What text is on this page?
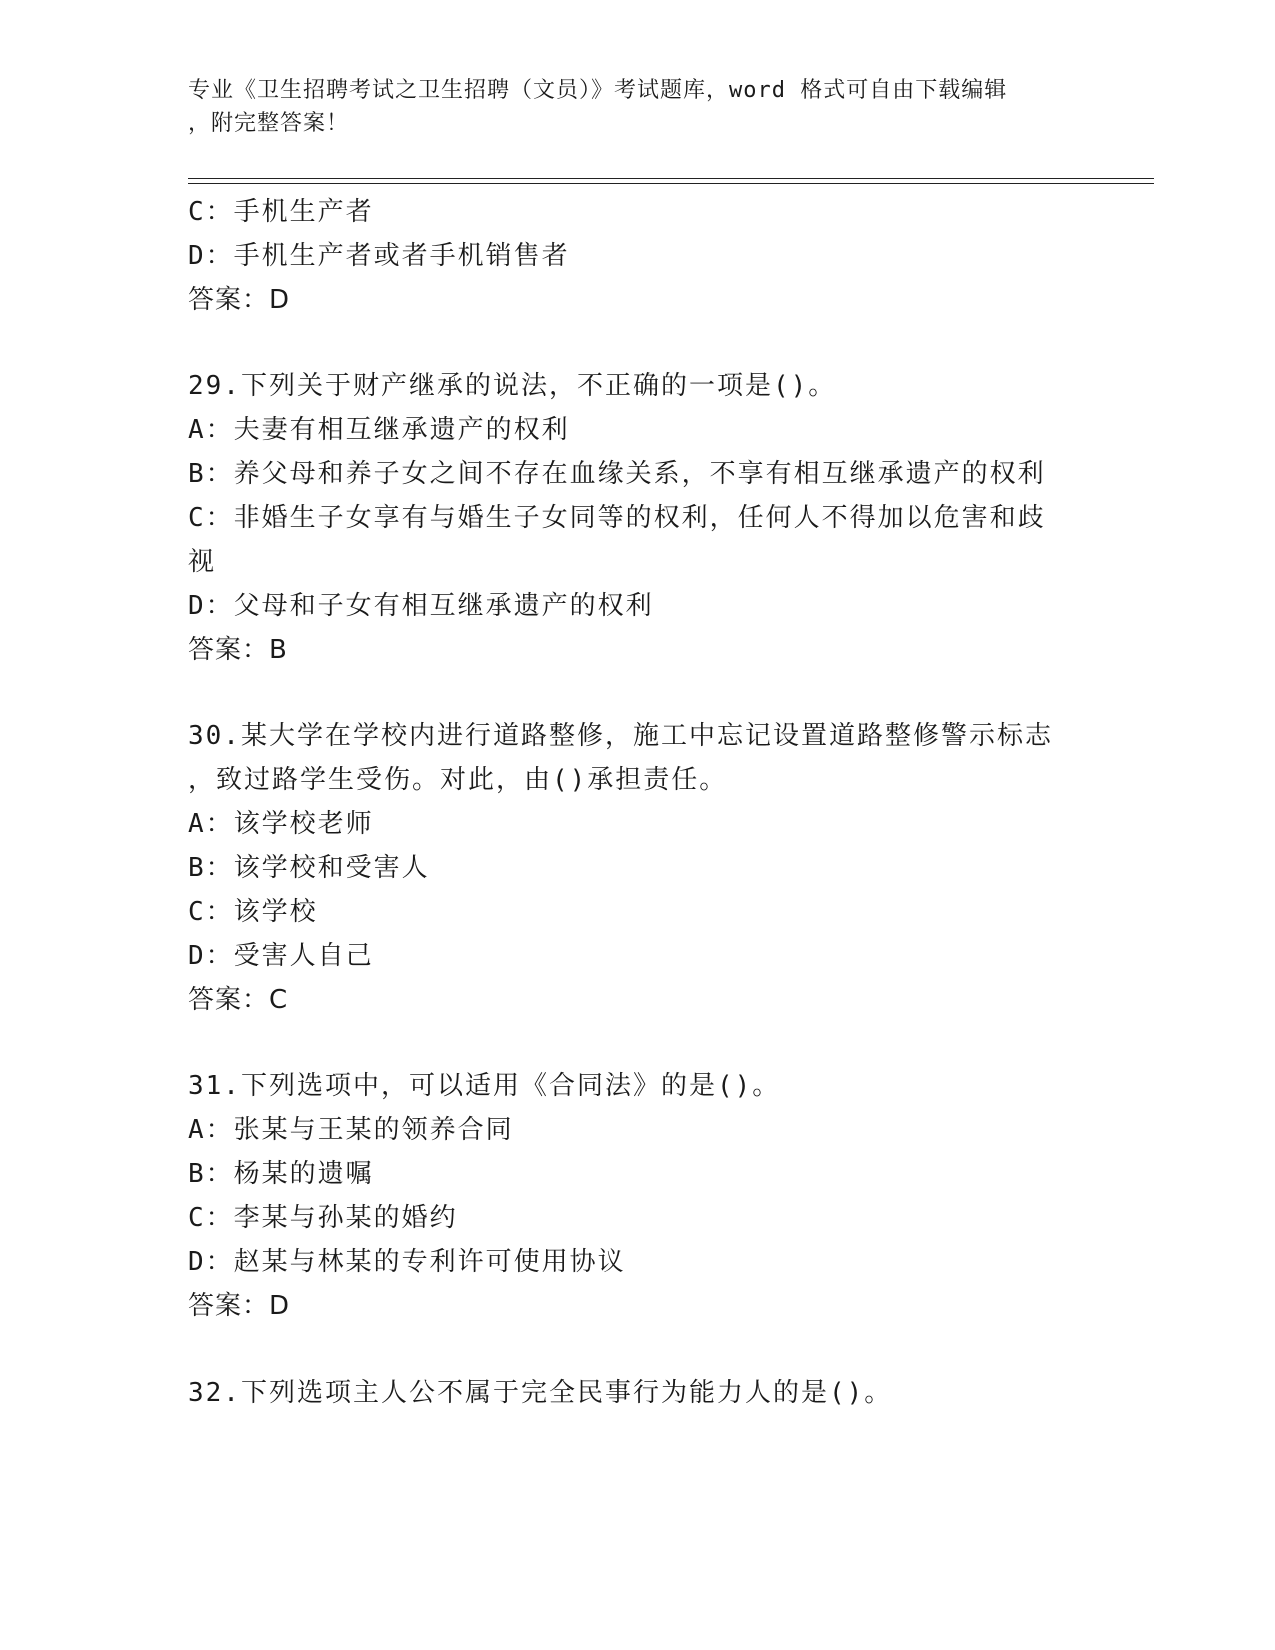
专业《卫生招聘考试之卫生招聘（文员）》考试题库，word 格式可自由下载编辑
，附完整答案！
C：手机生产者
D：手机生产者或者手机销售者
答案：D
29.下列关于财产继承的说法，不正确的一项是()。
A：夫妻有相互继承遗产的权利
B：养父母和养子女之间不存在血缘关系，不享有相互继承遗产的权利
C：非婚生子女享有与婚生子女同等的权利，任何人不得加以危害和歧
视
D：父母和子女有相互继承遗产的权利
答案：B
30.某大学在学校内进行道路整修，施工中忘记设置道路整修警示标志
，致过路学生受伤。对此，由()承担责任。
A：该学校老师
B：该学校和受害人
C：该学校
D：受害人自己
答案：C
31.下列选项中，可以适用《合同法》的是()。
A：张某与王某的领养合同
B：杨某的遗嘱
C：李某与孙某的婚约
D：赵某与林某的专利许可使用协议
答案：D
32.下列选项主人公不属于完全民事行为能力人的是()。
